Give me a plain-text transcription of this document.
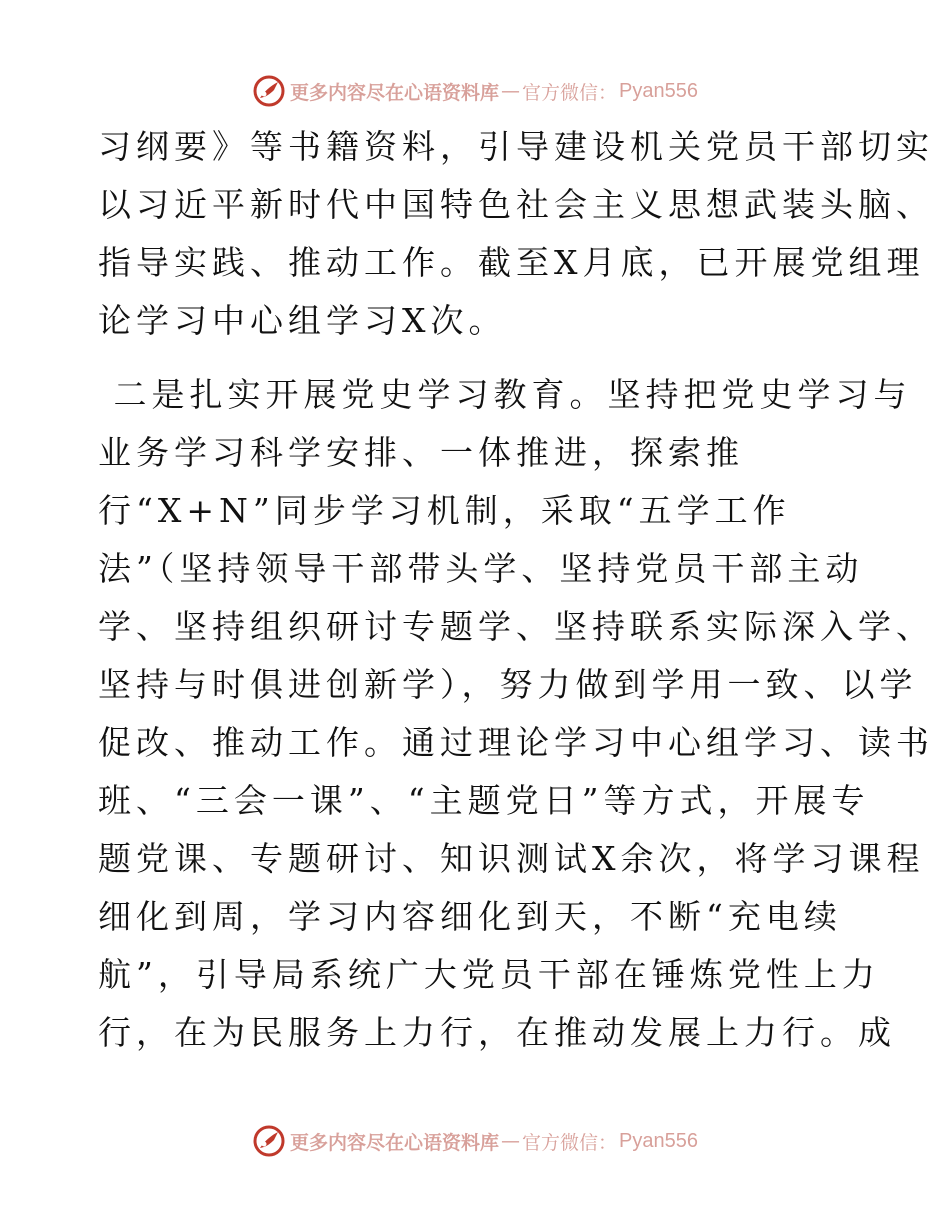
更多内容尽在心语资料库 — 官方微信： Pyan556
习纲要》等书籍资料，引导建设机关党员干部切实
以习近平新时代中国特色社会主义思想武装头脑、
指导实践、推动工作。截至X月底，已开展党组理
论学习中心组学习X次。
二是扎实开展党史学习教育。坚持把党史学习与
业务学习科学安排、一体推进，探索推
行“X+N”同步学习机制，采取“五学工作
法”（坚持领导干部带头学、坚持党员干部主动
学、坚持组织研讨专题学、坚持联系实际深入学、
坚持与时俱进创新学），努力做到学用一致、以学
促改、推动工作。通过理论学习中心组学习、读书
班、“三会一课”、“主题党日”等方式，开展专
题党课、专题研讨、知识测试X余次，将学习课程
细化到周，学习内容细化到天，不断“充电续
航”，引导局系统广大党员干部在锤炼党性上力
行，在为民服务上力行，在推动发展上力行。成
更多内容尽在心语资料库 — 官方微信： Pyan556
